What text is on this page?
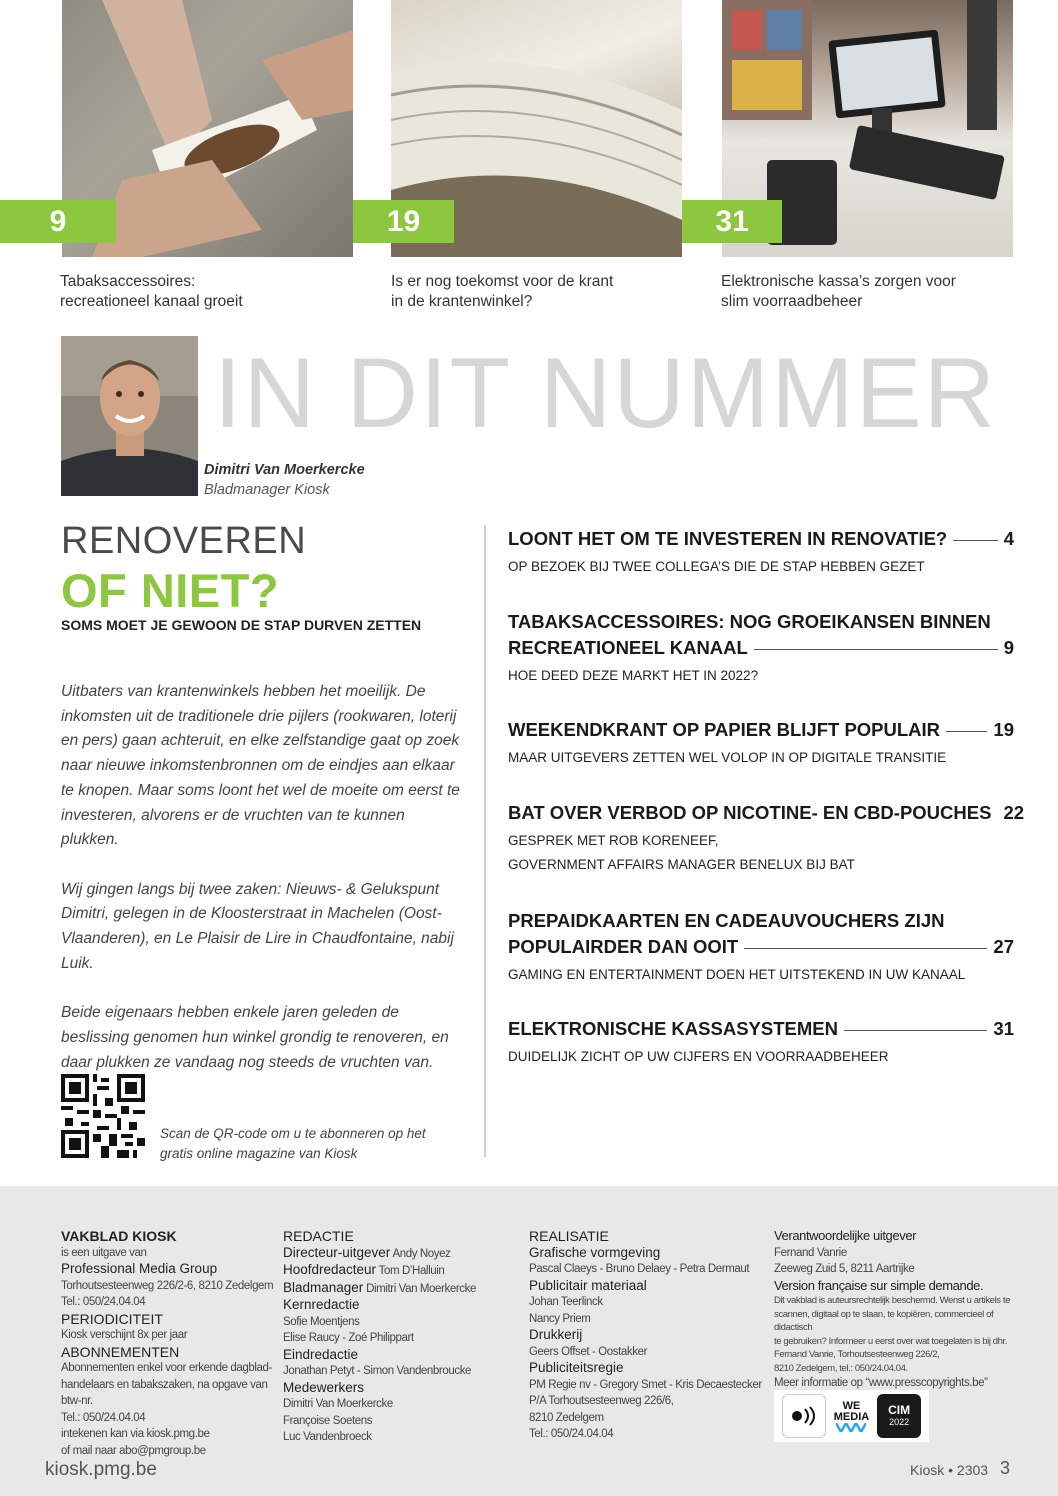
9
Tabaksaccessoires:
recreationeel kanaal groeit
19
Is er nog toekomst voor de krant
in de krantenwinkel?
31
Elektronische kassa’s zorgen voor
slim voorraadbeheer
IN DIT NUMMER
Dimitri Van Moerkercke
Bladmanager Kiosk
RENOVEREN
OF NIET?
SOMS MOET JE GEWOON DE STAP DURVEN ZETTEN

Uitbaters van krantenwinkels hebben het moeilijk. De inkomsten uit de traditionele drie pijlers (rookwaren, loterij en pers) gaan achteruit, en elke zelfstandige gaat op zoek naar nieuwe inkomstenbronnen om de eindjes aan elkaar te knopen. Maar soms loont het wel de moeite om eerst te investeren, alvorens er de vruchten van te kunnen plukken.

Wij gingen langs bij twee zaken: Nieuws- & Gelukspunt Dimitri, gelegen in de Kloosterstraat in Machelen (Oost-Vlaanderen), en Le Plaisir de Lire in Chaudfontaine, nabij Luik.

Beide eigenaars hebben enkele jaren geleden de beslissing genomen hun winkel grondig te renoveren, en daar plukken ze vandaag nog steeds de vruchten van.

Scan de QR-code om u te abonneren op het gratis online magazine van Kiosk
LOONT HET OM TE INVESTEREN IN RENOVATIE?	4
OP BEZOEK BIJ TWEE COLLEGA’S DIE DE STAP HEBBEN GEZET
TABAKSACCESSOIRES: NOG GROEIKANSEN BINNEN
RECREATIONEEL KANAAL	9
HOE DEED DEZE MARKT HET IN 2022?
WEEKENDKRANT OP PAPIER BLIJFT POPULAIR	19
MAAR UITGEVERS ZETTEN WEL VOLOP IN OP DIGITALE TRANSITIE
BAT OVER VERBOD OP NICOTINE- EN CBD-POUCHES 22
GESPREK MET ROB KORENEEF,
GOVERNMENT AFFAIRS MANAGER BENELUX BIJ BAT
PREPAIDKAARTEN EN CADEAUVOUCHERS ZIJN
POPULAIRDER DAN OOIT	27
GAMING EN ENTERTAINMENT DOEN HET UITSTEKEND IN UW KANAAL
ELEKTRONISCHE KASSASYSTEMEN	31
DUIDELIJK ZICHT OP UW CIJFERS EN VOORRAADBEHEER
VAKBLAD KIOSK
is een uitgave van
Professional Media Group
Torhoutsesteenweg 226/2-6, 8210 Zedelgem
Tel.: 050/24.04.04
PERIODICITEIT
Kiosk verschijnt 8x per jaar
ABONNEMENTEN
Abonnementen enkel voor erkende dagblad-
handelaars en tabakszaken, na opgave van btw-nr.
Tel.: 050/24.04.04
intekenen kan via kiosk.pmg.be
of mail naar abo@pmgroup.be
REDACTIE
Directeur-uitgever Andy Noyez
Hoofdredacteur Tom D’Halluin
Bladmanager Dimitri Van Moerkercke
Kernredactie
Sofie Moentjens
Elise Raucy - Zoé Philippart
Eindredactie
Jonathan Petyt - Simon Vandenbroucke
Medewerkers
Dimitri Van Moerkercke
Françoise Soetens
Luc Vandenbroeck
REALISATIE
Grafische vormgeving
Pascal Claeys - Bruno Delaey - Petra Dermaut
Publicitair materiaal
Johan Teerlinck
Nancy Priem
Drukkerij
Geers Offset - Oostakker
Publiciteitsregie
PM Regie nv - Gregory Smet - Kris Decaestecker
P/A Torhoutsesteenweg 226/6,
8210 Zedelgem
Tel.: 050/24.04.04
Verantwoordelijke uitgever
Fernand Vanrie
Zeeweg Zuid 5, 8211 Aartrijke
Version française sur simple demande.
Dit vakblad is auteursrechtelijk beschermd. Wenst u artikels te
scannen, digitaal op te slaan, te kopiëren, commercieel of didactisch
te gebruiken? Informeer u eerst over wat toegelaten is bij dhr.
Fernand Vanrie, Torhoutsesteenweg 226/2,
8210 Zedelgem, tel.: 050/24.04.04.
Meer informatie op “www.presscopyrights.be”
WE
MEDIA CIM
2022
kiosk.pmg.be	Kiosk • 2303 3
